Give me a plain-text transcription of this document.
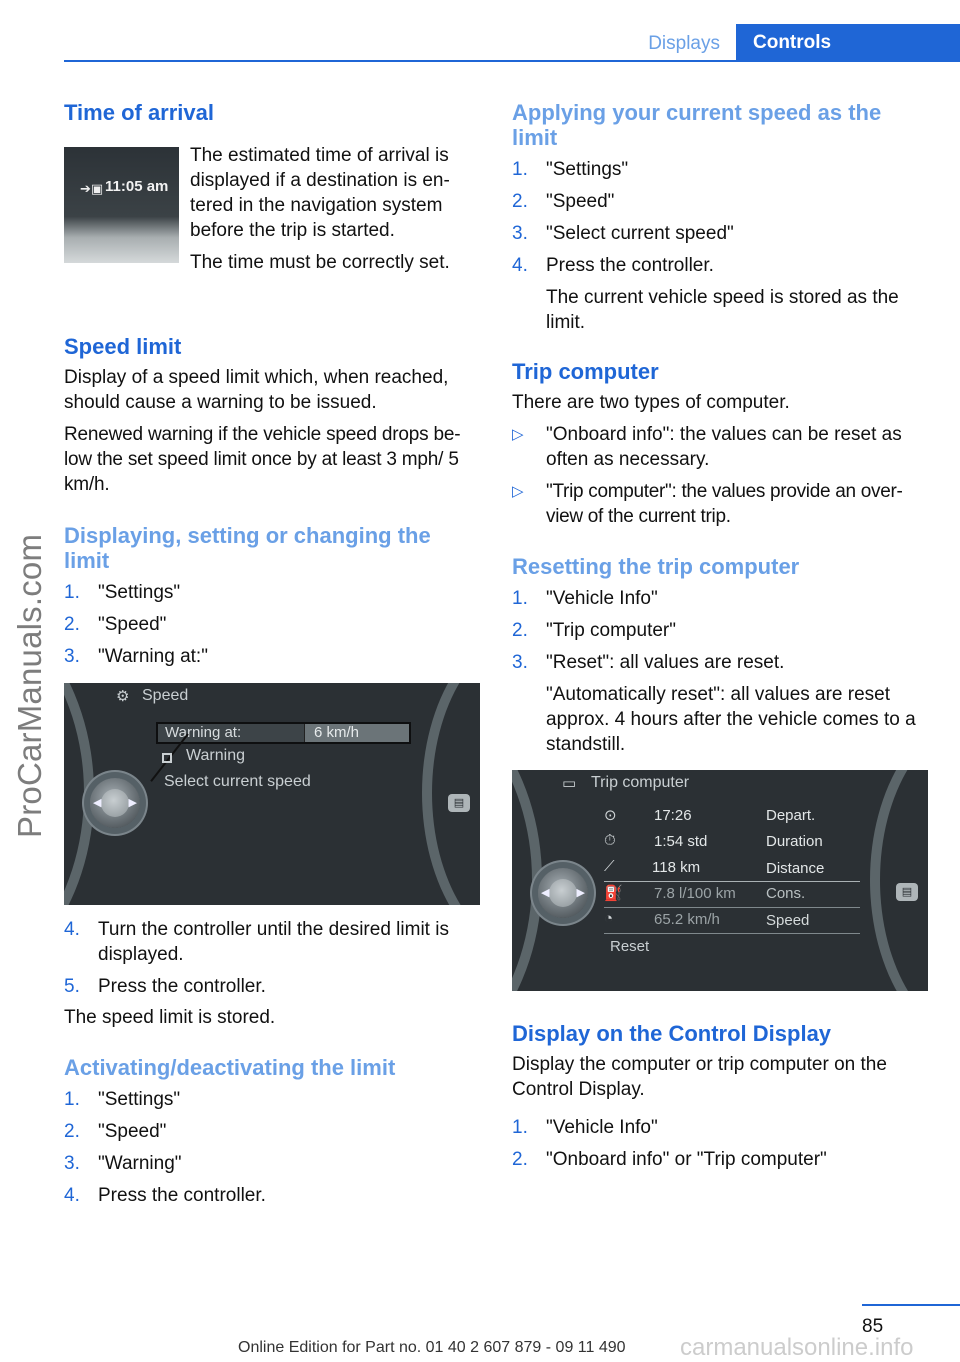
Displays	Controls
ProCarManuals.com
Time of arrival
➔▣ 11:05 am

The estimated time of arrival is displayed if a destination is en-tered in the navigation system before the trip is started.

The time must be correctly set.

Speed limit

Display of a speed limit which, when reached, should cause a warning to be issued.

Renewed warning if the vehicle speed drops be-low the set speed limit once by at least 3 mph/ 5 km/h.

Displaying, setting or changing the limit
1. "Settings"
2. "Speed"
3. "Warning at:"
◀ ▶	▤
⚙ Speed
Warning at:	6 km/h
Warning
Select current speed
4. Turn the controller until the desired limit is displayed.
5. Press the controller.

The speed limit is stored.

Activating/deactivating the limit
1. "Settings"
2. "Speed"
3. "Warning"
4. Press the controller.
Applying your current speed as the limit
1. "Settings"
2. "Speed"
3. "Select current speed"
4. Press the controller.
The current vehicle speed is stored as the limit.
Trip computer

There are two types of computer.

▷ "Onboard info": the values can be reset as often as necessary.
▷ "Trip computer": the values provide an over-view of the current trip.
Resetting the trip computer
1. "Vehicle Info"
2. "Trip computer"
3. "Reset": all values are reset.
"Automatically reset": all values are reset approx. 4 hours after the vehicle comes to a standstill.
◀ ▶	▤
▭ Trip computer
⊙ 17:26	Depart.
⏱	1:54 std	Duration
⟋ 118 km	Distance
⛽ 7.8 l/100 km Cons.
◔	65.2 km/h	Speed
Reset
Display on the Control Display

Display the computer or trip computer on the Control Display.

1. "Vehicle Info"
2. "Onboard info" or "Trip computer"
85
Online Edition for Part no. 01 40 2 607 879 - 09 11 490 carmanualsonline.info
